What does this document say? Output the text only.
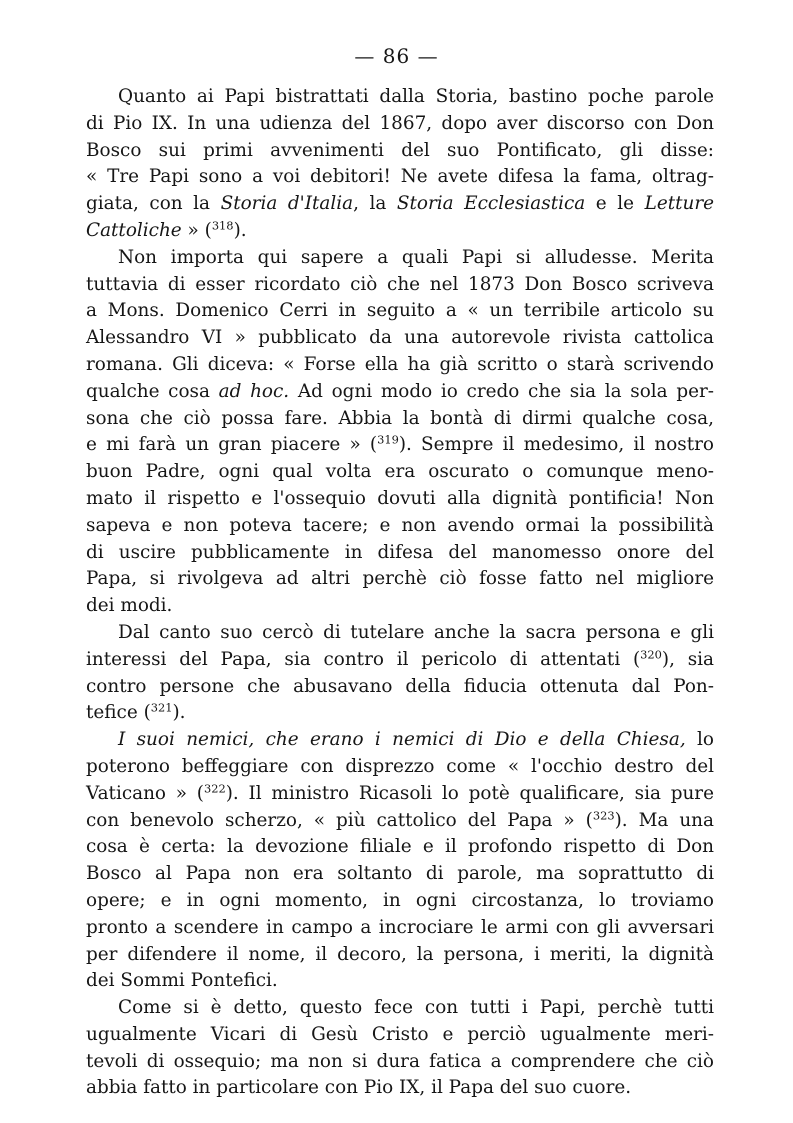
— 86 —
Quanto ai Papi bistrattati dalla Storia, bastino poche parole
di Pio IX. In una udienza del 1867, dopo aver discorso con Don
Bosco sui primi avvenimenti del suo Pontificato, gli disse:
« Tre Papi sono a voi debitori! Ne avete difesa la fama, oltrag-
giata, con la Storia d'Italia, la Storia Ecclesiastica e le Letture
Cattoliche » ($^{318}$).
Non importa qui sapere a quali Papi si alludesse. Merita
tuttavia di esser ricordato ciò che nel 1873 Don Bosco scriveva
a Mons. Domenico Cerri in seguito a « un terribile articolo su
Alessandro VI » pubblicato da una autorevole rivista cattolica
romana. Gli diceva: « Forse ella ha già scritto o starà scrivendo
qualche cosa ad hoc. Ad ogni modo io credo che sia la sola per-
sona che ciò possa fare. Abbia la bontà di dirmi qualche cosa,
e mi farà un gran piacere » ($^{319}$). Sempre il medesimo, il nostro
buon Padre, ogni qual volta era oscurato o comunque meno-
mato il rispetto e l'ossequio dovuti alla dignità pontificia! Non
sapeva e non poteva tacere; e non avendo ormai la possibilità
di uscire pubblicamente in difesa del manomesso onore del
Papa, si rivolgeva ad altri perchè ciò fosse fatto nel migliore
dei modi.
Dal canto suo cercò di tutelare anche la sacra persona e gli
interessi del Papa, sia contro il pericolo di attentati ($^{320}$), sia
contro persone che abusavano della fiducia ottenuta dal Pon-
tefice ($^{321}$).
I suoi nemici, che erano i nemici di Dio e della Chiesa, lo
poterono beffeggiare con disprezzo come « l'occhio destro del
Vaticano » ($^{322}$). Il ministro Ricasoli lo potè qualificare, sia pure
con benevolo scherzo, « più cattolico del Papa » ($^{323}$). Ma una
cosa è certa: la devozione filiale e il profondo rispetto di Don
Bosco al Papa non era soltanto di parole, ma soprattutto di
opere; e in ogni momento, in ogni circostanza, lo troviamo
pronto a scendere in campo a incrociare le armi con gli avversari
per difendere il nome, il decoro, la persona, i meriti, la dignità
dei Sommi Pontefici.
Come si è detto, questo fece con tutti i Papi, perchè tutti
ugualmente Vicari di Gesù Cristo e perciò ugualmente meri-
tevoli di ossequio; ma non si dura fatica a comprendere che ciò
abbia fatto in particolare con Pio IX, il Papa del suo cuore.
